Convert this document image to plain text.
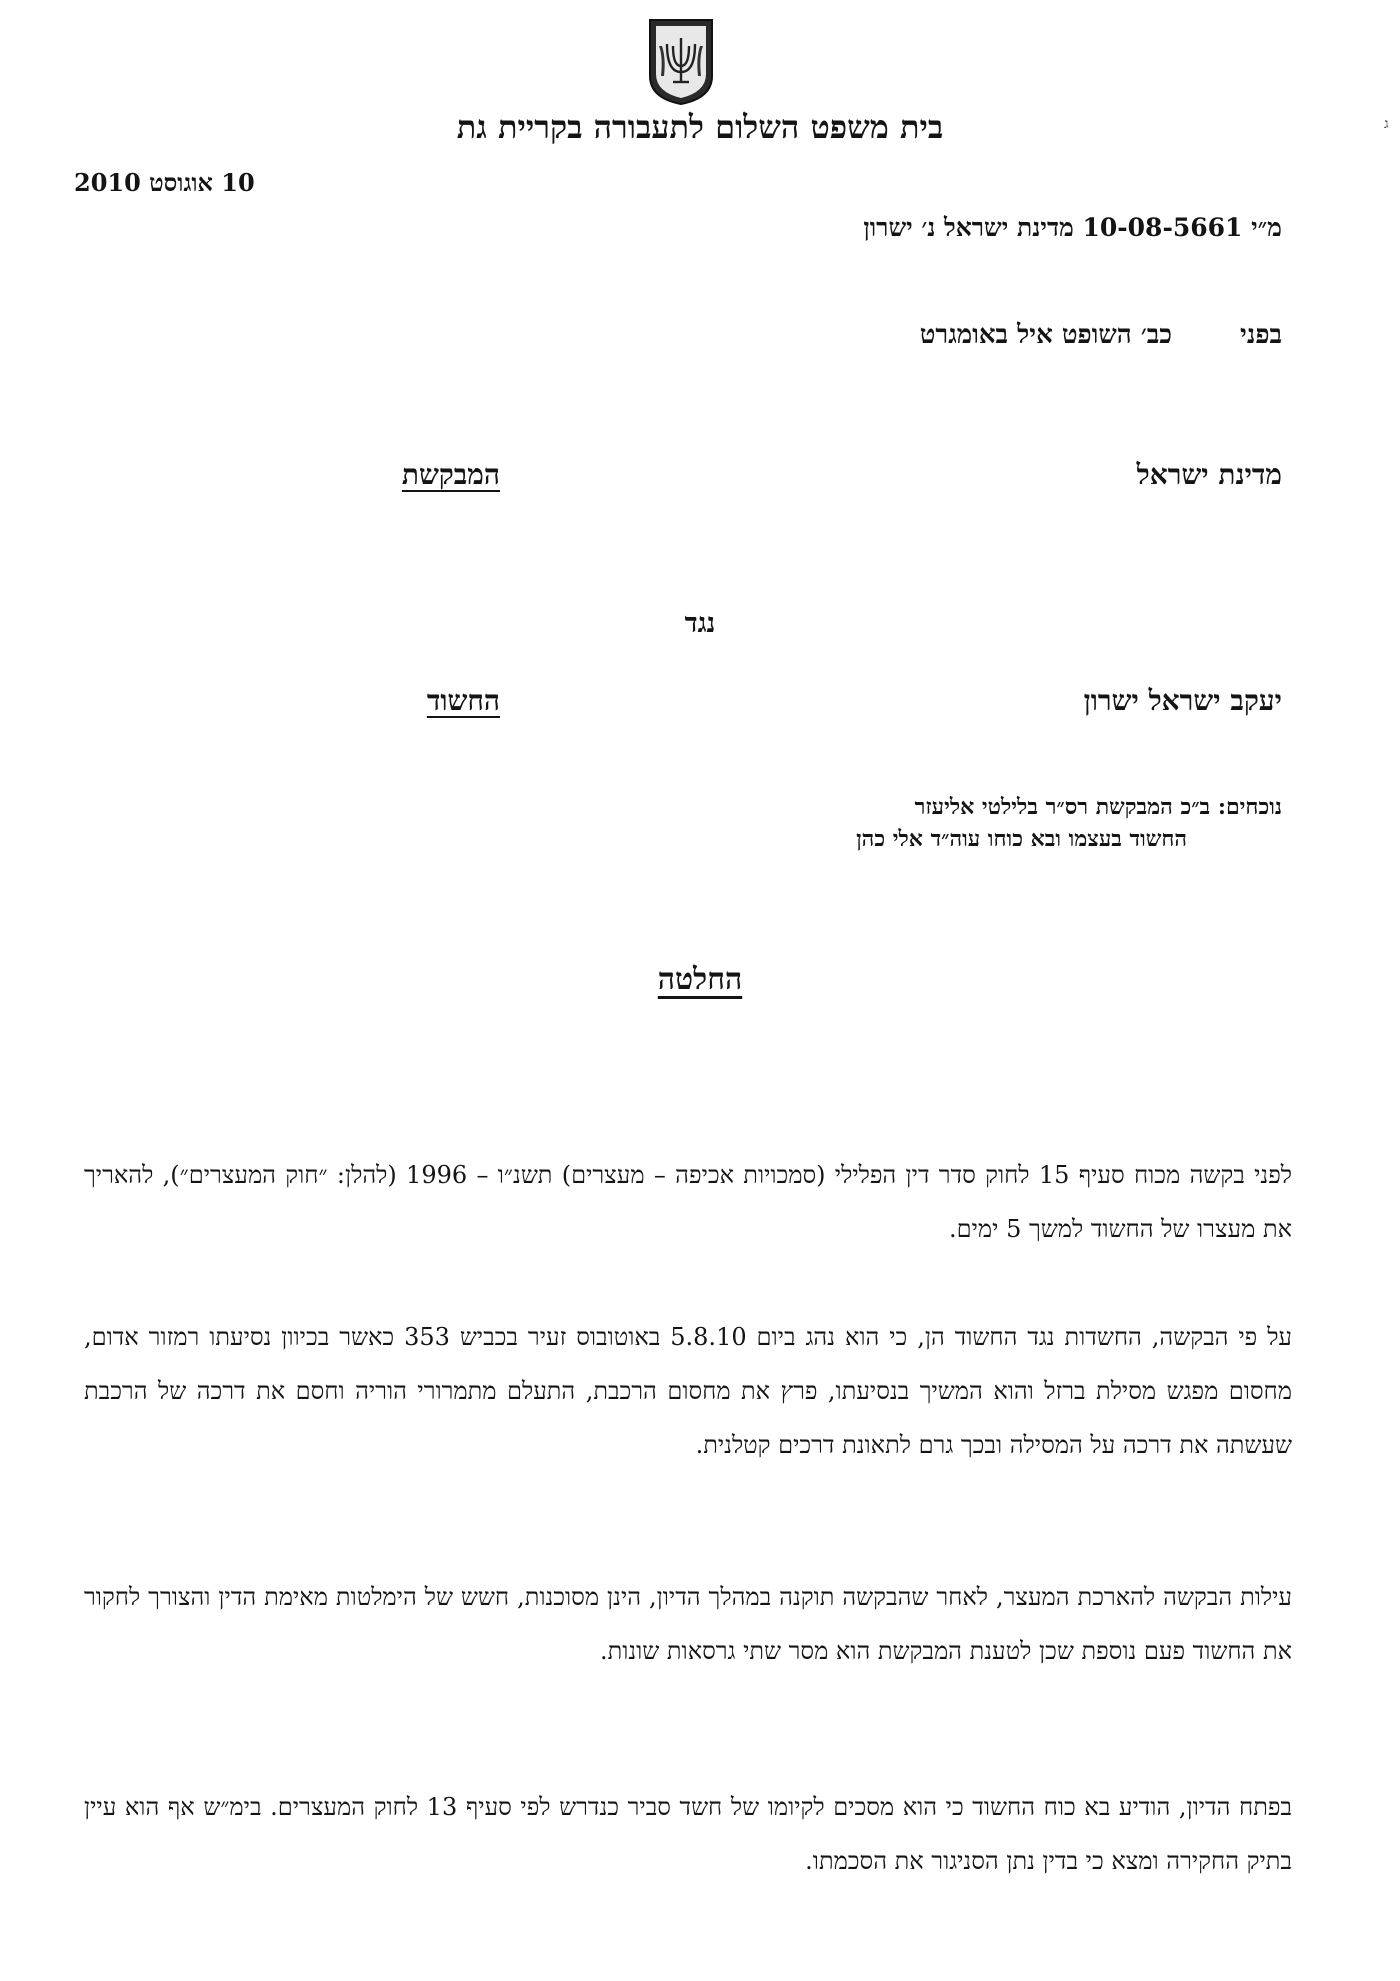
בית משפט השלום לתעבורה בקריית גת
10 אוגוסט 2010
מ״י 10-08-5661 מדינת ישראל נ׳ ישרון
בפני
כב׳ השופט איל באומגרט
מדינת ישראל
המבקשת
נגד
יעקב ישראל ישרון
החשוד
נוכחים: ב״כ המבקשת רס״ר בלילטי אליעזר
החשוד בעצמו ובא כוחו עוה״ד אלי כהן
החלטה
לפני בקשה מכוח סעיף 15 לחוק סדר דין הפלילי (סמכויות אכיפה – מעצרים) תשנ״ו – 1996 (להלן: ״חוק המעצרים״), להאריך את מעצרו של החשוד למשך 5 ימים.
על פי הבקשה, החשדות נגד החשוד הן, כי הוא נהג ביום 5.8.10 באוטובוס זעיר בכביש 353 כאשר בכיוון נסיעתו רמזור אדום, מחסום מפגש מסילת ברזל והוא המשיך בנסיעתו, פרץ את מחסום הרכבת, התעלם מתמרורי הוריה וחסם את דרכה של הרכבת שעשתה את דרכה על המסילה ובכך גרם לתאונת דרכים קטלנית.
עילות הבקשה להארכת המעצר, לאחר שהבקשה תוקנה במהלך הדיון, הינן מסוכנות, חשש של הימלטות מאימת הדין והצורך לחקור את החשוד פעם נוספת שכן לטענת המבקשת הוא מסר שתי גרסאות שונות.
בפתח הדיון, הודיע בא כוח החשוד כי הוא מסכים לקיומו של חשד סביר כנדרש לפי סעיף 13 לחוק המעצרים. בימ״ש אף הוא עיין בתיק החקירה ומצא כי בדין נתן הסניגור את הסכמתו.
ג
